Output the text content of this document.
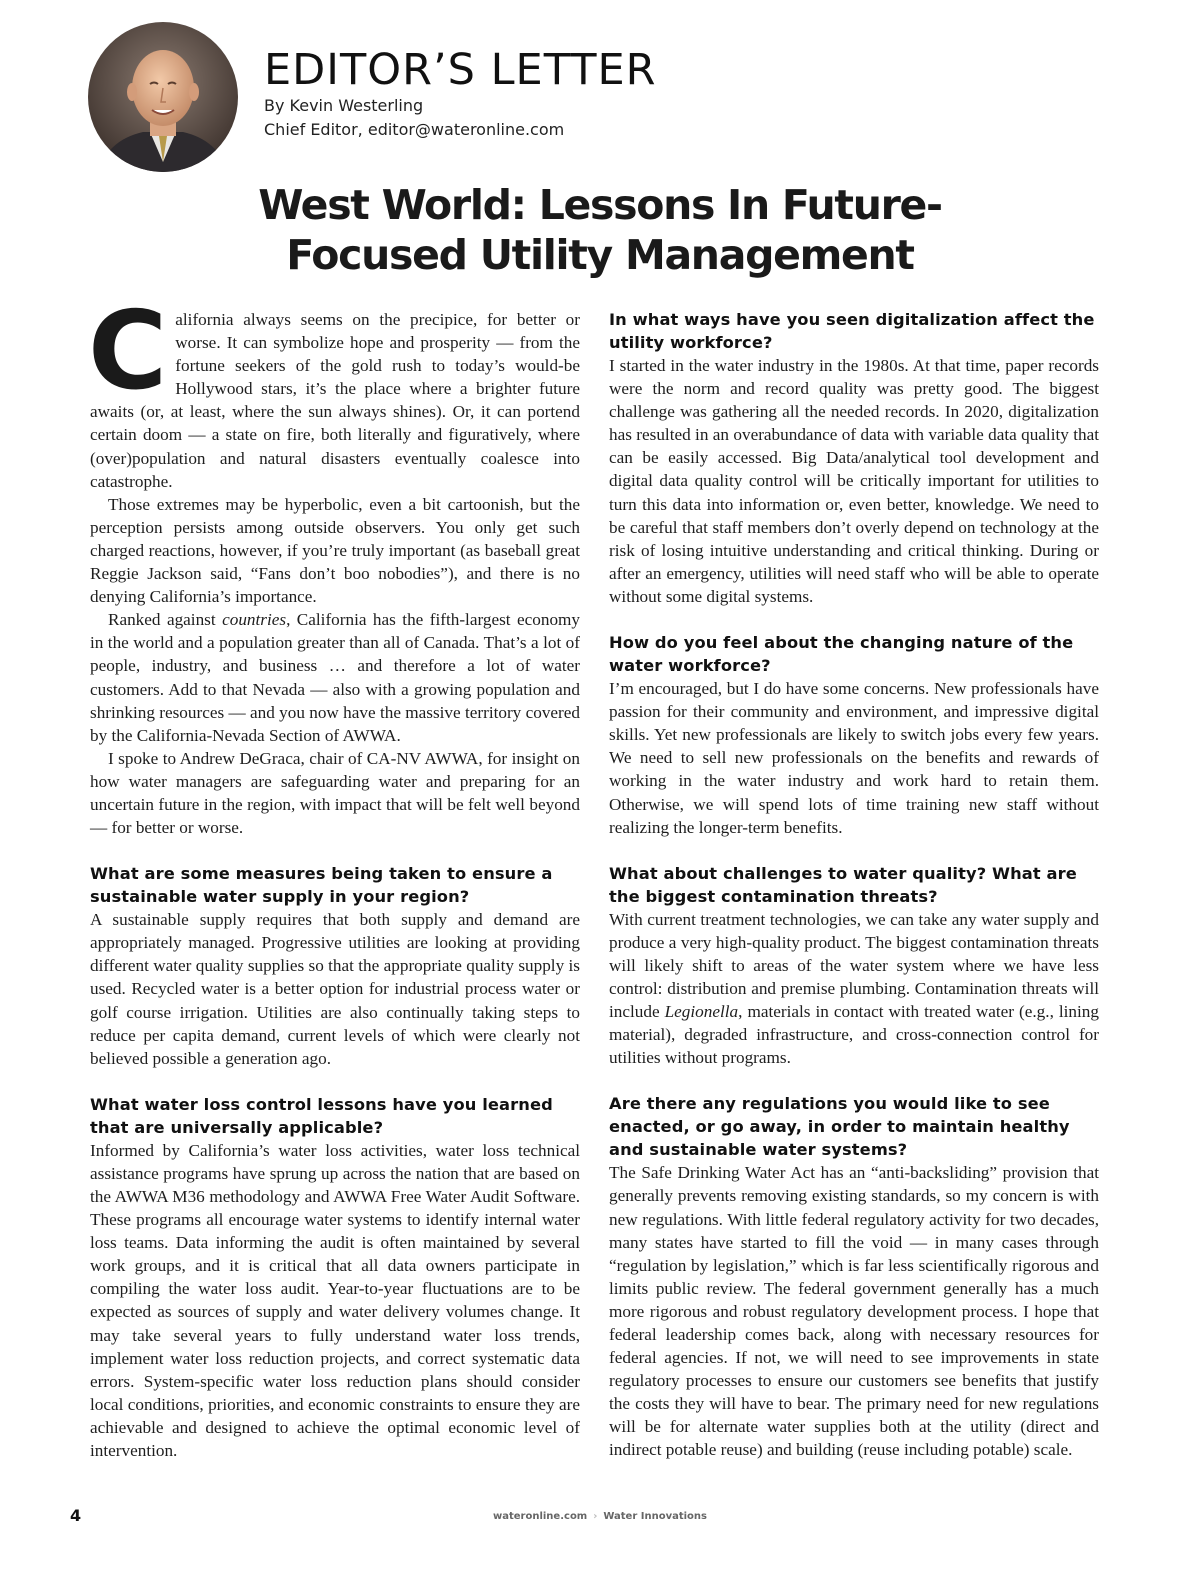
EDITOR’S LETTER

By Kevin Westerling

Chief Editor, editor@wateronline.com

West World: Lessons In Future-Focused Utility Management

California always seems on the precipice, for better or worse. It can symbolize hope and prosperity — from the fortune seekers of the gold rush to today’s would-be Hollywood stars, it’s the place where a brighter future awaits (or, at least, where the sun always shines). Or, it can portend certain doom — a state on fire, both literally and figuratively, where (over)population and natural disasters eventually coalesce into catastrophe.

Those extremes may be hyperbolic, even a bit cartoonish, but the perception persists among outside observers. You only get such charged reactions, however, if you’re truly important (as baseball great Reggie Jackson said, “Fans don’t boo nobodies”), and there is no denying California’s importance.

Ranked against countries, California has the fifth-largest economy in the world and a population greater than all of Canada. That’s a lot of people, industry, and business … and therefore a lot of water customers. Add to that Nevada — also with a growing population and shrinking resources — and you now have the massive territory covered by the California-Nevada Section of AWWA.

I spoke to Andrew DeGraca, chair of CA-NV AWWA, for insight on how water managers are safeguarding water and preparing for an uncertain future in the region, with impact that will be felt well beyond — for better or worse.

What are some measures being taken to ensure a sustainable water supply in your region?

A sustainable supply requires that both supply and demand are appropriately managed. Progressive utilities are looking at providing different water quality supplies so that the appropriate quality supply is used. Recycled water is a better option for industrial process water or golf course irrigation. Utilities are also continually taking steps to reduce per capita demand, current levels of which were clearly not believed possible a generation ago.

What water loss control lessons have you learned that are universally applicable?

Informed by California’s water loss activities, water loss technical assistance programs have sprung up across the nation that are based on the AWWA M36 methodology and AWWA Free Water Audit Software. These programs all encourage water systems to identify internal water loss teams. Data informing the audit is often maintained by several work groups, and it is critical that all data owners participate in compiling the water loss audit. Year-to-year fluctuations are to be expected as sources of supply and water delivery volumes change. It may take several years to fully understand water loss trends, implement water loss reduction projects, and correct systematic data errors. System-specific water loss reduction plans should consider local conditions, priorities, and economic constraints to ensure they are achievable and designed to achieve the optimal economic level of intervention.

In what ways have you seen digitalization affect the utility workforce?

I started in the water industry in the 1980s. At that time, paper records were the norm and record quality was pretty good. The biggest challenge was gathering all the needed records. In 2020, digitalization has resulted in an overabundance of data with variable data quality that can be easily accessed. Big Data/analytical tool development and digital data quality control will be critically important for utilities to turn this data into information or, even better, knowledge. We need to be careful that staff members don’t overly depend on technology at the risk of losing intuitive understanding and critical thinking. During or after an emergency, utilities will need staff who will be able to operate without some digital systems.

How do you feel about the changing nature of the water workforce?

I’m encouraged, but I do have some concerns. New professionals have passion for their community and environment, and impressive digital skills. Yet new professionals are likely to switch jobs every few years. We need to sell new professionals on the benefits and rewards of working in the water industry and work hard to retain them. Otherwise, we will spend lots of time training new staff without realizing the longer-term benefits.

What about challenges to water quality? What are the biggest contamination threats?

With current treatment technologies, we can take any water supply and produce a very high-quality product. The biggest contamination threats will likely shift to areas of the water system where we have less control: distribution and premise plumbing. Contamination threats will include Legionella, materials in contact with treated water (e.g., lining material), degraded infrastructure, and cross-connection control for utilities without programs.

Are there any regulations you would like to see enacted, or go away, in order to maintain healthy and sustainable water systems?

The Safe Drinking Water Act has an “anti-backsliding” provision that generally prevents removing existing standards, so my concern is with new regulations. With little federal regulatory activity for two decades, many states have started to fill the void — in many cases through “regulation by legislation,” which is far less scientifically rigorous and limits public review. The federal government generally has a much more rigorous and robust regulatory development process. I hope that federal leadership comes back, along with necessary resources for federal agencies. If not, we will need to see improvements in state regulatory processes to ensure our customers see benefits that justify the costs they will have to bear. The primary need for new regulations will be for alternate water supplies both at the utility (direct and indirect potable reuse) and building (reuse including potable) scale.

4	wateronline.com › Water Innovations
